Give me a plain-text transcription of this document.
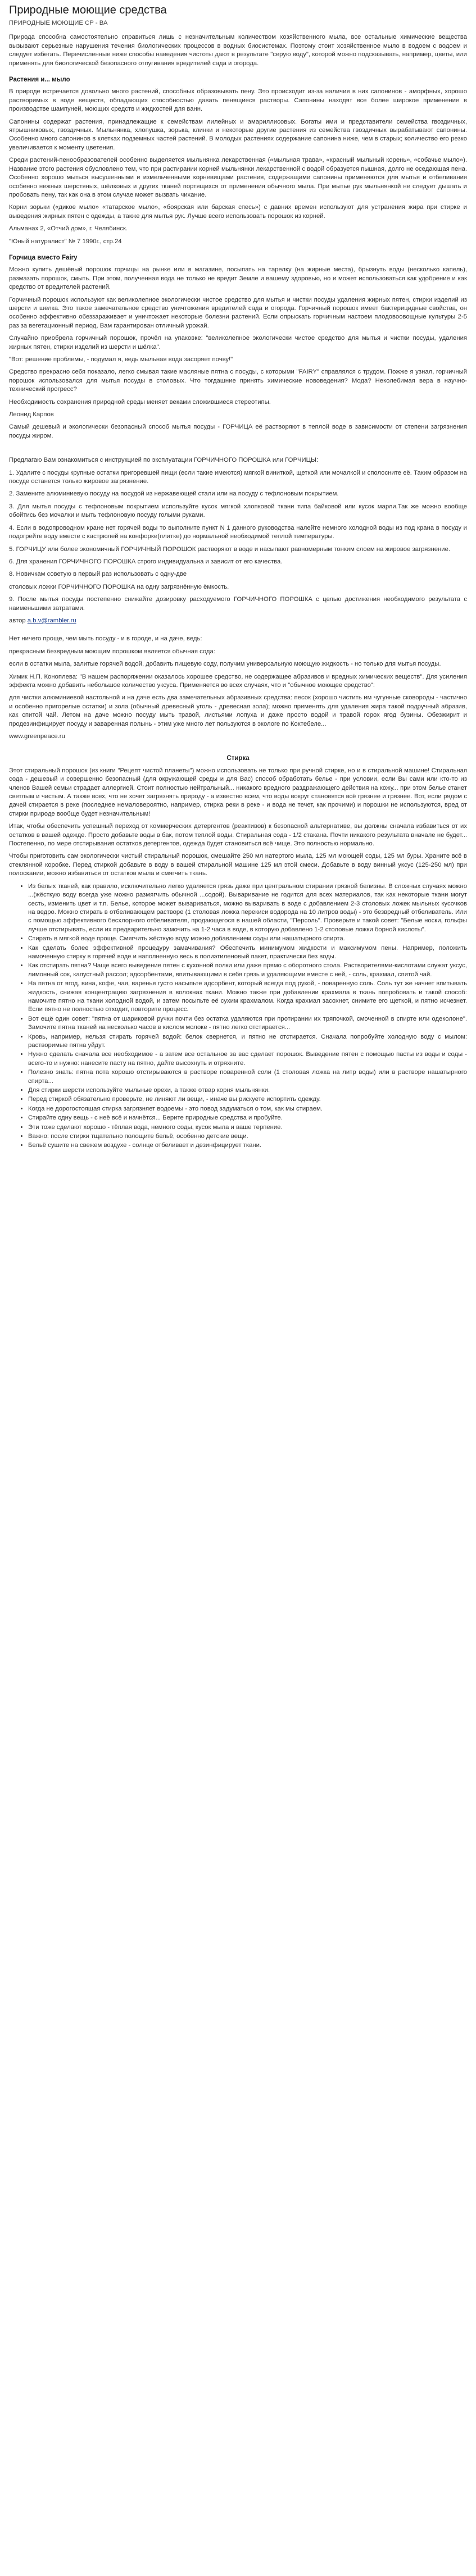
Природные моющие средства
ПРИРОДНЫЕ МОЮЩИЕ СР - ВА

Природа способна самостоятельно справиться лишь с незначительным количеством хозяйственного мыла, все остальные химические вещества вызывают серьезные нарушения течения биологических процессов в водных биосистемах. Поэтому стоит хозяйственное мыло в водоем с водоем и следует избегать. Перечисленные ниже способы наведения чистоты дают в результате "серую воду", которой можно подсказывать, например, цветы, или применять для биологической безопасного отпугивания вредителей сада и огорода.

Растения и... мыло

В природе встречается довольно много растений, способных образовывать пену. Это происходит из-за наличия в них сапонинов - аморфных, хорошо растворимых в воде веществ, обладающих способностью давать пенящиеся растворы. Сапонины находят все более широкое применение в производстве шампуней, моющих средств и жидкостей для ванн.

Сапонины содержат растения, принадлежащие к семействам лилейных и амариллисовых. Богаты ими и представители семейства гвоздичных, ятрышниковых, гвоздичных. Мыльнянка, хлопушка, зорька, клинки и некоторые другие растения из семейства гвоздичных вырабатывают сапонины. Особенно много сапонинов в клетках подземных частей растений. В молодых растениях содержание сапонина ниже, чем в старых; количество его резко увеличивается к моменту цветения.

Среди растений-пенообразователей особенно выделяется мыльнянка лекарственная («мыльная трава», «красный мыльный корень», «собачье мыло»). Название этого растения обусловлено тем, что при растирании корней мыльнянки лекарственной с водой образуется пышная, долго не оседающая пена. Особенно хорошо мыться высушенными и измельченными корневищами растения, содержащими сапонины применяются для мытья и отбеливания особенно нежных шерстяных, шёлковых и других тканей портящихся от применения обычного мыла. При мытье рук мыльнянкой не следует дышать и пробовать пену, так как она в этом случае может вызвать чихание.

Корни зорьки («дикое мыло» «татарское мыло», «боярская или барская спесь») с давних времен используют для устранения жира при стирке и выведения жирных пятен с одежды, а также для мытья рук. Лучше всего использовать порошок из корней.

Альманах 2, «Отчий дом», г. Челябинск.

"Юный натуралист" № 7 1990г., стр.24

Горчица вместо Fairy

Можно купить дешёвый порошок горчицы на рынке или в магазине, посыпать на тарелку (на жирные места), брызнуть воды (несколько капель), размазать порошок, смыть. При этом, полученная вода не только не вредит Земле и вашему здоровью, но и может использоваться как удобрение и как средство от вредителей растений.

Горчичный порошок используют как великолепное экологически чистое средство для мытья и чистки посуды удаления жирных пятен, стирки изделий из шерсти и шелка. Это такое замечательное средство уничтожения вредителей сада и огорода. Горчичный порошок имеет бактерицидные свойства, он особенно эффективно обеззараживает и уничтожает некоторые болезни растений. Если опрыскать горчичным настоем плодовоовощные культуры 2-5 раз за вегетационный период, Вам гарантирован отличный урожай.

Случайно приобрела горчичный порошок, прочёл на упаковке: "великолепное экологически чистое средство для мытья и чистки посуды, удаления жирных пятен, стирки изделий из шерсти и шёлка".

"Вот: решение проблемы, - подумал я, ведь мыльная вода засоряет почву!"

Средство прекрасно себя показало, легко смывая такие масляные пятна с посуды, с которыми "FAIRY" справлялся с трудом. Пожже я узнал, горчичный порошок использовался для мытья посуды в столовых. Что тогдашние принять химические нововедения? Мода? Неколебимая вера в научно-технический прогресс?

Необходимость сохранения природной среды меняет веками сложившиеся стереотипы.

Леонид Карпов

Самый дешевый и экологически безопасный способ мытья посуды - ГОРЧИЦА её растворяют в теплой воде в зависимости от степени загрязнения посуды жиром.

Предлагаю Вам ознакомиться с инструкцией по эксплуатации ГОРЧИЧНОГО ПОРОШКА или ГОРЧИЦЫ:

1. Удалите с посуды крупные остатки пригоревшей пищи (если такие имеются) мягкой виниткой, щеткой или мочалкой и сполосните её. Таким образом на посуде останется только жировое загрязнение.

2. Замените алюминиевую посуду на посудой из нержавеющей стали или на посуду с тефлоновым покрытием.

3. Для мытья посуды с тефлоновым покрытием используйте кусок мягкой хлопковой ткани типа байковой или кусок марли.Так же можно вообще обойтись без мочалки и мыть тефлоновую посуду голыми руками.

4. Если в водопроводном кране нет горячей воды то выполните пункт N 1 данного руководства налейте немного холодной воды из под крана в посуду и подогрейте воду вместе с кастрюлей на конфорке(плитке) до нормальной необходимой теплой температуры.

5. ГОРЧИЦУ или более экономичный ГОРЧИЧНЫЙ ПОРОШОК растворяют в воде и насыпают равномерным тонким слоем на жировое загрязнение.

6. Для хранения ГОРЧИЧНОГО ПОРОШКА строго индивидуальна и зависит от его качества.

8. Новичкам советую в первый раз использовать с одну-две

столовых ложки ГОРЧИЧНОГО ПОРОШКА на одну загрязнённую ёмкость.

9. После мытья посуды постепенно снижайте дозировку расходуемого ГОРЧИЧНОГО ПОРОШКА с целью достижения необходимого результата с наименьшими затратами.

автор a.b.v@rambler.ru

Нет ничего проще, чем мыть посуду - и в городе, и на даче, ведь:

прекрасным безвредным моющим порошком является обычная сода:

если в остатки мыла, залитые горячей водой, добавить пищевую соду, получим универсальную моющую жидкость - но только для мытья посуды.

Химик Н.П. Коноплева: "В нашем распоряжении оказалось хорошее средство, не содержащее абразивов и вредных химических веществ". Для усиления эффекта можно добавить небольшое количество уксуса. Применяется во всех случаях, что и "обычное моющее средство":

для чистки алюминиевой настольной и на даче есть два замечательных абразивных средства: песок (хорошо чистить им чугунные сковороды - частично и особенно пригорелые остатки) и зола (обычный древесный уголь - древесная зола); можно применять для удаления жира такой подручный абразив, как спитой чай. Летом на даче можно посуду мыть травой, листьями лопуха и даже просто водой и травой горох ягод бузины. Обезжирит и продезинфицирует посуду и заваренная полынь - этим уже много лет пользуются в экологе по Коктебеле...

www.greenpeace.ru

Стирка

Этот стиральный порошок (из книги "Рецепт чистой планеты") можно использовать не только при ручной стирке, но и в стиральной машине! Стиральная сода - дешевый и совершенно безопасный (для окружающей среды и для Вас) способ обработать белье - при условии, если Вы сами или кто-то из членов Вашей семьи страдает аллергией. Стоит полностью нейтральный... никакого вредного раздражающего действия на кожу... при этом белье станет светлым и чистым. А также всех, что не хочет загрязнять природу - а известно всем, что воды вокруг становятся всё грязнее и грязнее. Вот, если рядом с дачей стирается в реке (последнее немаловероятно, например, стирка реки в реке - и вода не течет, как прочими) и порошки не используются, вред от стирки природе вообще будет незначительным!

Итак, чтобы обеспечить успешный переход от коммерческих детергентов (реактивов) к безопасной альтернативе, вы должны сначала избавиться от их остатков в вашей одежде. Просто добавьте воды в бак, потом теплой воды. Стиральная сода - 1/2 стакана. Почти никакого результата вначале не будет... Постепенно, по мере отстирывания остатков детергентов, одежда будет становиться всё чище. Это полностью нормально.

Чтобы приготовить сам экологически чистый стиральный порошок, смешайте 250 мл натертого мыла, 125 мл моющей соды, 125 мл буры. Храните всё в стеклянной коробке. Перед стиркой добавьте в воду в вашей стиральной машине 125 мл этой смеси. Добавьте в воду винный уксус (125-250 мл) при полоскании, можно избавиться от остатков мыла и смягчить ткань.

• Из белых тканей, как правило, исключительно легко удаляется грязь даже при центральном стирании грязной белизны. В сложных случаях можно ...(жёсткую воду всегда уже можно размягчить обычной ...содой). Вываривание не годится для всех материалов, так как некоторые ткани могут сесть, изменить цвет и т.п. Белье, которое может вывариваться, можно вываривать в воде с добавлением 2-3 столовых ложек мыльных кусочков на ведро. Можно стирать в отбеливающем растворе (1 столовая ложка перекиси водорода на 10 литров воды) - это безвредный отбеливатель. Или с помощью эффективного бесхлорного отбеливателя, продающегося в нашей области, "Персоль". Проверьте и такой совет: "Белые носки, гольфы лучше отстирывать, если их предварительно замочить на 1-2 часа в воде, в которую добавлено 1-2 столовые ложки борной кислоты".
• Стирать в мягкой воде проще. Смягчить жёсткую воду можно добавлением соды или нашатырного спирта.
• Как сделать более эффективной процедуру замачивания? Обеспечить минимумом жидкости и максимумом пены. Например, положить намоченную стирку в горячей воде и наполненную весь в полиэтиленовый пакет, практически без воды.
• Как отстирать пятна? Чаще всего выведение пятен с кухонной полки или даже прямо с оборотного стола. Растворителями-кислотами служат уксус, лимонный сок, капустный рассол; адсорбентами, впитывающими в себя грязь и удаляющими вместе с ней, - соль, крахмал, спитой чай.
• На пятна от ягод, вина, кофе, чая, варенья густо насыпьте адсорбент, который всегда под рукой, - поваренную соль. Соль тут же начнет впитывать жидкость, снижая концентрацию загрязнения в волокнах ткани. Можно также при добавлении крахмала в ткань попробовать и такой способ: намочите пятно на ткани холодной водой, и затем посыпьте её сухим крахмалом. Когда крахмал засохнет, снимите его щеткой, и пятно исчезнет. Если пятно не полностью отходит, повторите процесс.
• Вот ещё один совет: "пятна от шариковой ручки почти без остатка удаляются при протирании их тряпочкой, смоченной в спирте или одеколоне". Замочите пятна тканей на несколько часов в кислом молоке - пятно легко отстирается...
• Кровь, например, нельзя стирать горячей водой: белок свернется, и пятно не отстирается. Сначала попробуйте холодную воду с мылом: растворимые пятна уйдут.
• Нужно сделать сначала все необходимое - а затем все остальное за вас сделает порошок. Выведение пятен с помощью пасты из воды и соды - всего-то и нужно: нанесите пасту на пятно, дайте высохнуть и отряхните.
• Полезно знать: пятна пота хорошо отстирываются в растворе поваренной соли (1 столовая ложка на литр воды) или в растворе нашатырного спирта...
• Для стирки шерсти используйте мыльные орехи, а также отвар корня мыльнянки.
• Перед стиркой обязательно проверьте, не линяют ли вещи, - иначе вы рискуете испортить одежду.
• Когда не дорогостоящая стирка загрязняет водоемы - это повод задуматься о том, как мы стираем.
• Стирайте одну вещь - с неё всё и начнётся... Берите природные средства и пробуйте.
• Эти тоже сделают хорошо - тёплая вода, немного соды, кусок мыла и ваше терпение.
• Важно: после стирки тщательно полощите бельё, особенно детские вещи.
• Бельё сушите на свежем воздухе - солнце отбеливает и дезинфицирует ткани.
